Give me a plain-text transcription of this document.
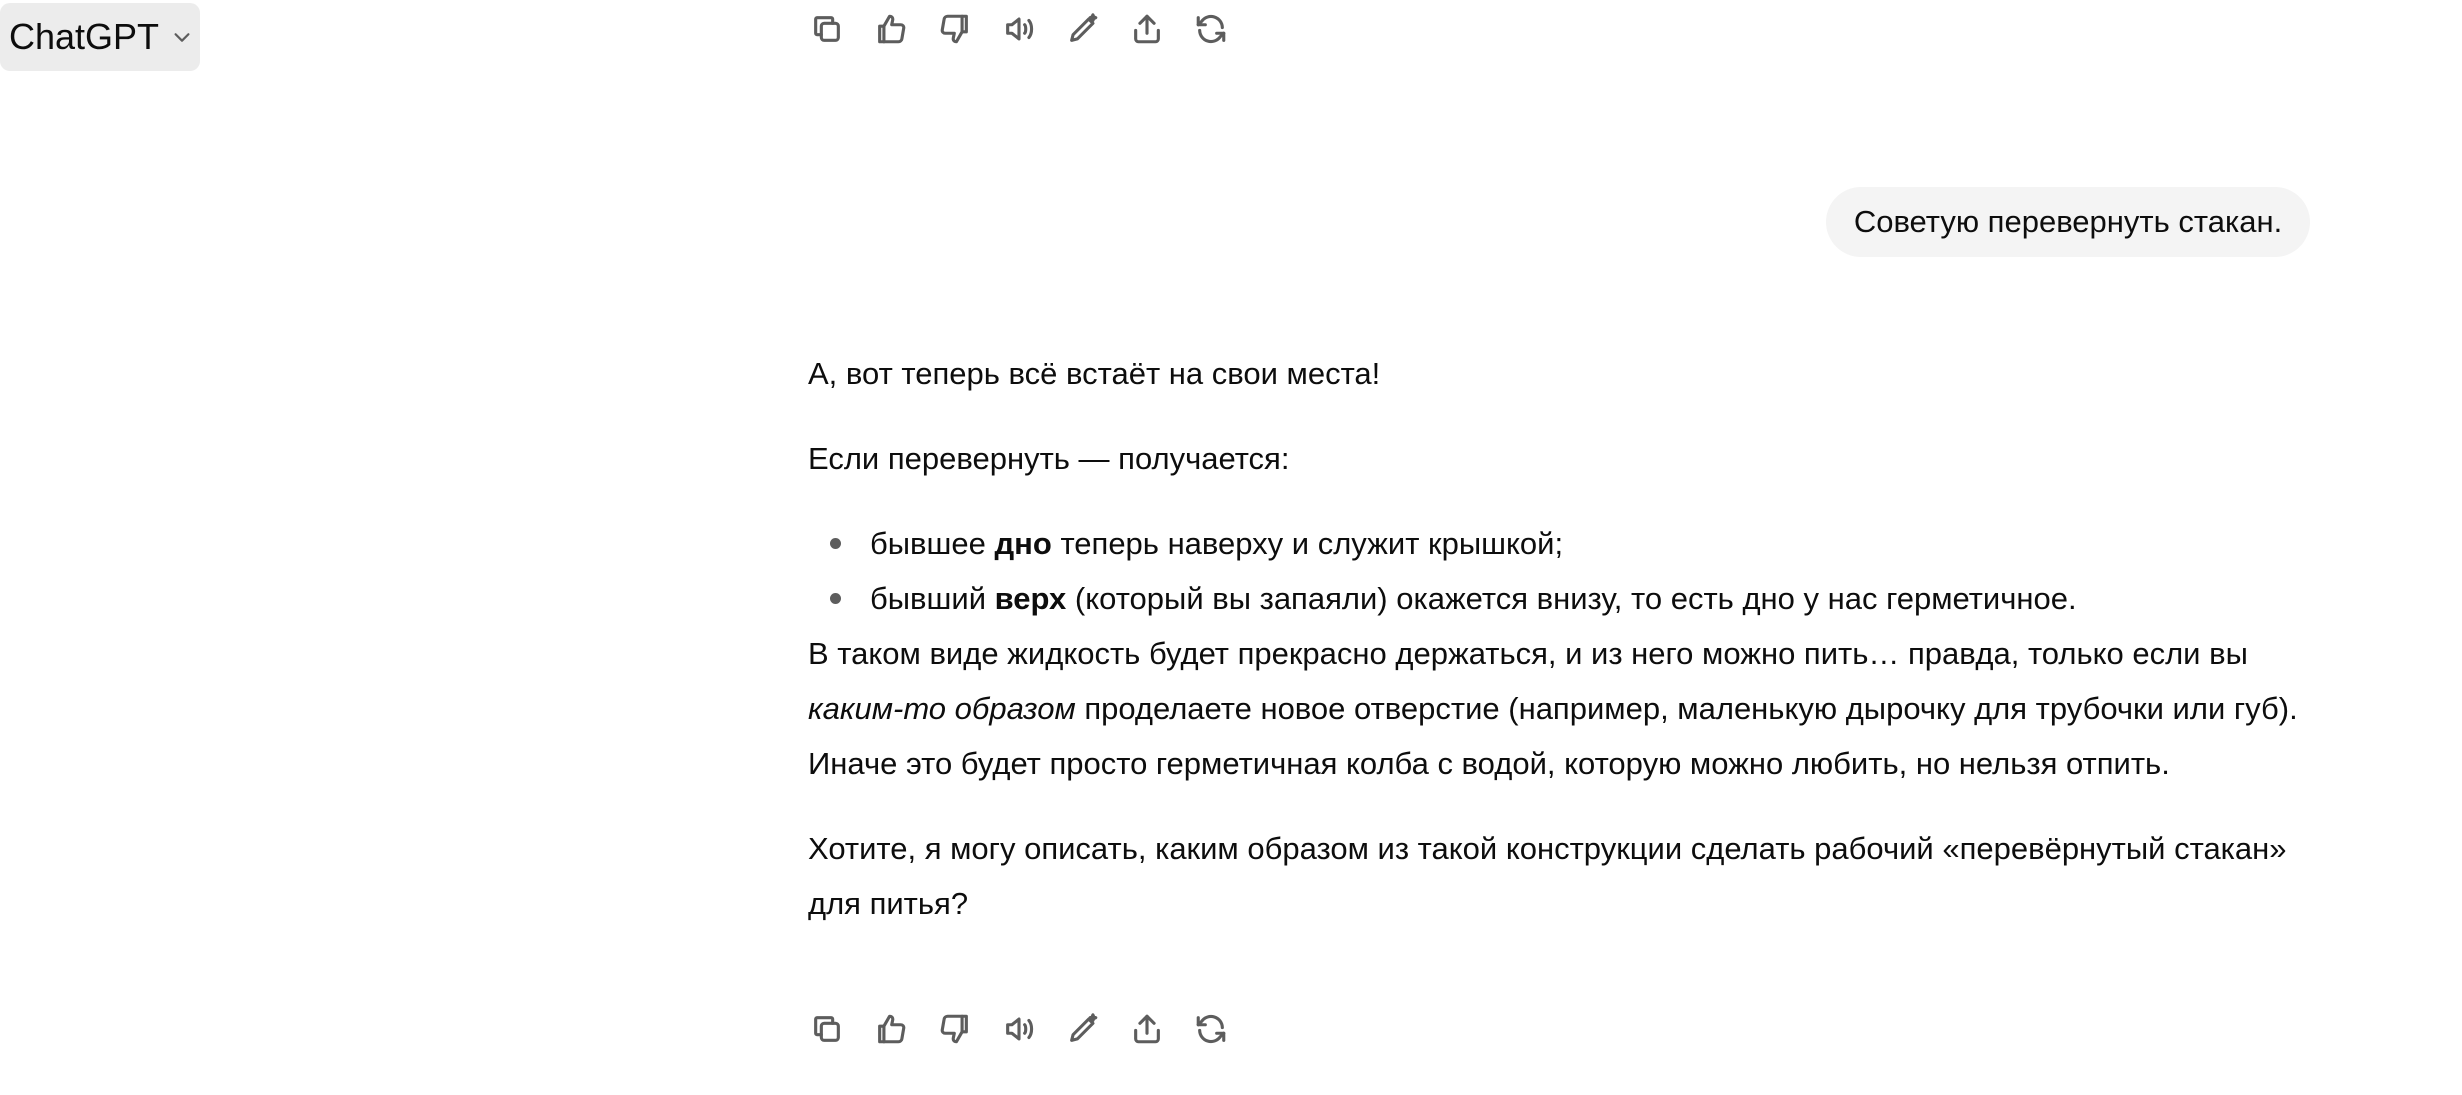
ChatGPT
Советую перевернуть стакан.

А, вот теперь всё встаёт на свои места!

Если перевернуть — получается:

бывшее дно теперь наверху и служит крышкой;
бывший верх (который вы запаяли) окажется внизу, то есть дно у нас герметичное.

В таком виде жидкость будет прекрасно держаться, и из него можно пить… правда, только если вы
каким-то образом проделаете новое отверстие (например, маленькую дырочку для трубочки или губ).
Иначе это будет просто герметичная колба с водой, которую можно любить, но нельзя отпить.

Хотите, я могу описать, каким образом из такой конструкции сделать рабочий «перевёрнутый стакан» для питья?
